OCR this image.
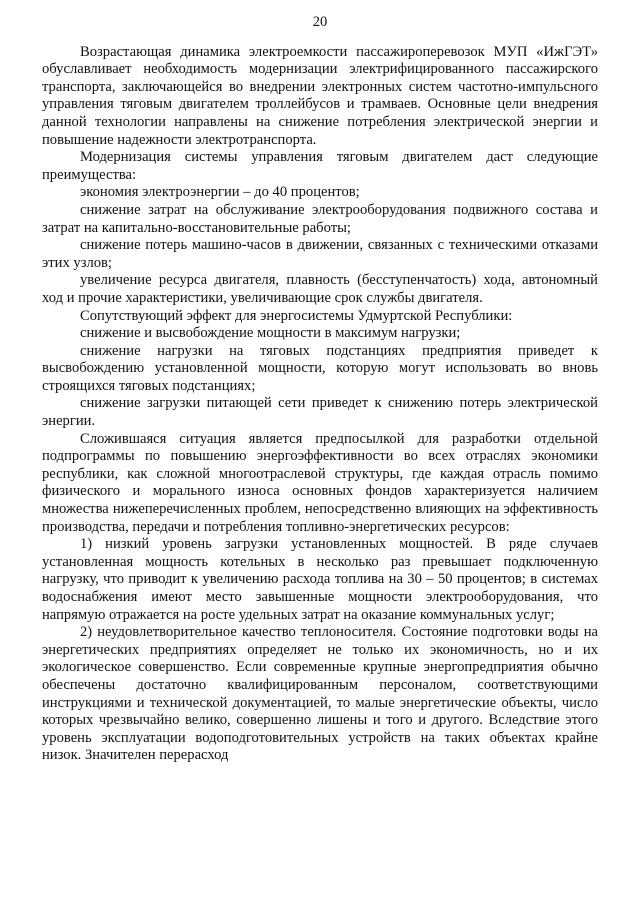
20

Возрастающая динамика электроемкости пассажироперевозок МУП «ИжГЭТ» обуславливает необходимость модернизации электрифицированного пассажирского транспорта, заключающейся во внедрении электронных систем частотно-импульсного управления тяговым двигателем троллейбусов и трамваев. Основные цели внедрения данной технологии направлены на снижение потребления электрической энергии и повышение надежности электротранспорта.

Модернизация системы управления тяговым двигателем даст следующие преимущества:

экономия электроэнергии – до 40 процентов;

снижение затрат на обслуживание электрооборудования подвижного состава и затрат на капитально-восстановительные работы;

снижение потерь машино-часов в движении, связанных с техническими отказами этих узлов;

увеличение ресурса двигателя, плавность (бесступенчатость) хода, автономный ход и прочие характеристики, увеличивающие срок службы двигателя.

Сопутствующий эффект для энергосистемы Удмуртской Республики:

снижение и высвобождение мощности в максимум нагрузки;

снижение нагрузки на тяговых подстанциях предприятия приведет к высвобождению установленной мощности, которую могут использовать во вновь строящихся тяговых подстанциях;

снижение загрузки питающей сети приведет к снижению потерь электрической энергии.

Сложившаяся ситуация является предпосылкой для разработки отдельной подпрограммы по повышению энергоэффективности во всех отраслях экономики республики, как сложной многоотраслевой структуры, где каждая отрасль помимо физического и морального износа основных фондов характеризуется наличием множества нижеперечисленных проблем, непосредственно влияющих на эффективность производства, передачи и потребления топливно-энергетических ресурсов:

1) низкий уровень загрузки установленных мощностей. В ряде случаев установленная мощность котельных в несколько раз превышает подключенную нагрузку, что приводит к увеличению расхода топлива на 30 – 50 процентов; в системах водоснабжения имеют место завышенные мощности электрооборудования, что напрямую отражается на росте удельных затрат на оказание коммунальных услуг;

2) неудовлетворительное качество теплоносителя. Состояние подготовки воды на энергетических предприятиях определяет не только их экономичность, но и их экологическое совершенство. Если современные крупные энергопредприятия обычно обеспечены достаточно квалифицированным персоналом, соответствующими инструкциями и технической документацией, то малые энергетические объекты, число которых чрезвычайно велико, совершенно лишены и того и другого. Вследствие этого уровень эксплуатации водоподготовительных устройств на таких объектах крайне низок. Значителен перерасход
